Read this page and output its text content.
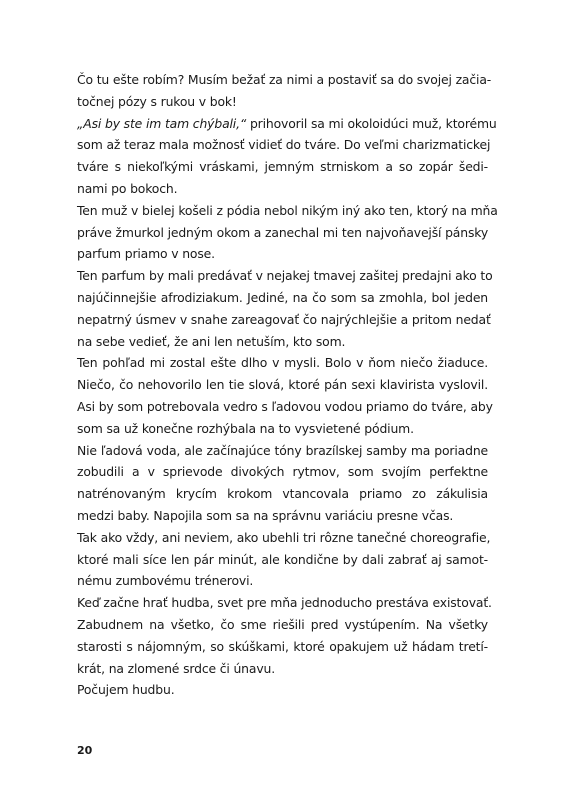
Čo tu ešte robím? Musím bežať za nimi a postaviť sa do svojej začia-
točnej pózy s rukou v bok!
„Asi by ste im tam chýbali,“ prihovoril sa mi okoloidúci muž, ktorému
som až teraz mala možnosť vidieť do tváre. Do veľmi charizmatickej
tváre s niekoľkými vráskami, jemným strniskom a so zopár šedi-
nami po bokoch.
Ten muž v bielej košeli z pódia nebol nikým iný ako ten, ktorý na mňa
práve žmurkol jedným okom a zanechal mi ten najvoňavejší pánsky
parfum priamo v nose.
Ten parfum by mali predávať v nejakej tmavej zašitej predajni ako to
najúčinnejšie afrodiziakum. Jediné, na čo som sa zmohla, bol jeden
nepatrný úsmev v snahe zareagovať čo najrýchlejšie a pritom nedať
na sebe vedieť, že ani len netuším, kto som.
Ten pohľad mi zostal ešte dlho v mysli. Bolo v ňom niečo žiaduce.
Niečo, čo nehovorilo len tie slová, ktoré pán sexi klavirista vyslovil.
Asi by som potrebovala vedro s ľadovou vodou priamo do tváre, aby
som sa už konečne rozhýbala na to vysvietené pódium.
Nie ľadová voda, ale začínajúce tóny brazílskej samby ma poriadne
zobudili a v sprievode divokých rytmov, som svojím perfektne
natrénovaným krycím krokom vtancovala priamo zo zákulisia
medzi baby. Napojila som sa na správnu variáciu presne včas.
Tak ako vždy, ani neviem, ako ubehli tri rôzne tanečné choreografie,
ktoré mali síce len pár minút, ale kondične by dali zabrať aj samot-
nému zumbovému trénerovi.
Keď začne hrať hudba, svet pre mňa jednoducho prestáva existovať.
Zabudnem na všetko, čo sme riešili pred vystúpením. Na všetky
starosti s nájomným, so skúškami, ktoré opakujem už hádam tretí-
krát, na zlomené srdce či únavu.
Počujem hudbu.
20
